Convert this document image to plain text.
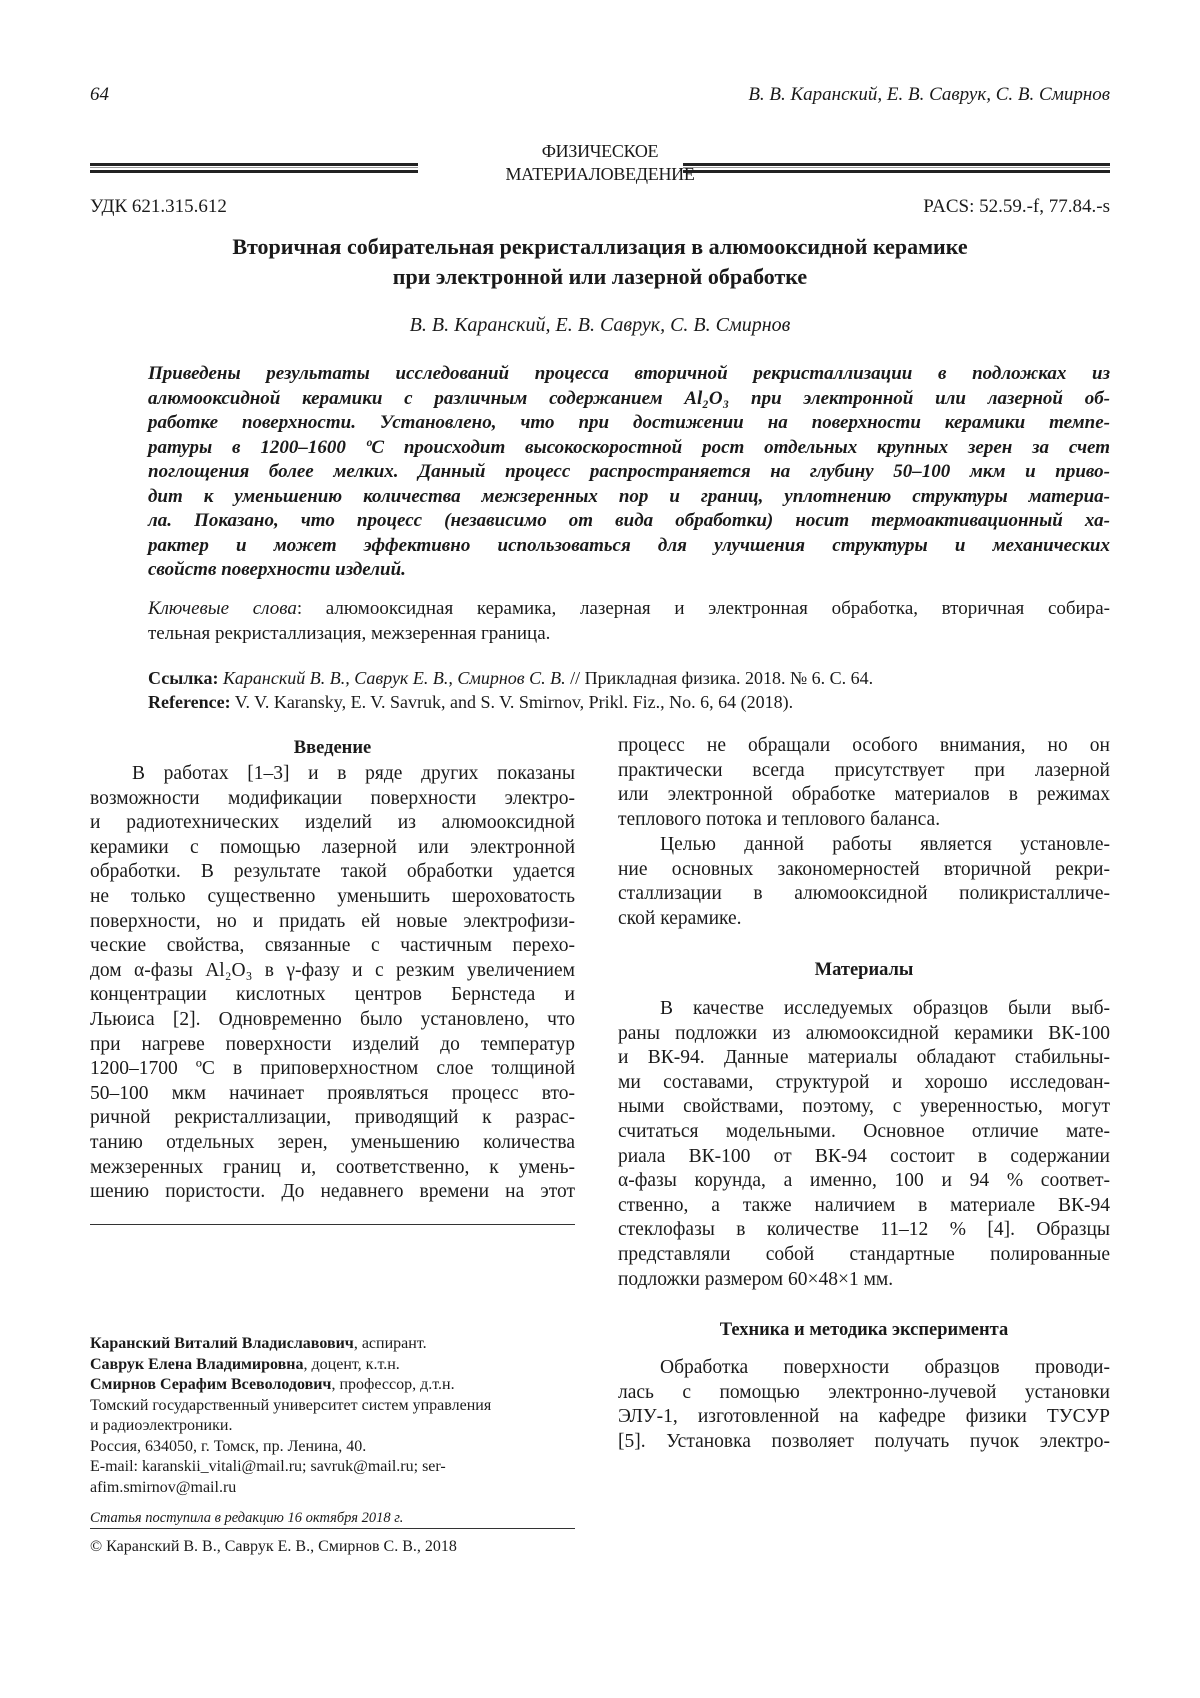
64	В. В. Каранский, Е. В. Саврук, С. В. Смирнов
ФИЗИЧЕСКОЕ
МАТЕРИАЛОВЕДЕНИЕ
УДК 621.315.612	PACS: 52.59.-f, 77.84.-s
Вторичная собирательная рекристаллизация в алюмооксидной керамике
при электронной или лазерной обработке
В. В. Каранский, Е. В. Саврук, С. В. Смирнов
Приведены результаты исследований процесса вторичной рекристаллизации в подложках из
алюмооксидной керамики с различным содержанием Al₂O₃ при электронной или лазерной об-
работке поверхности. Установлено, что при достижении на поверхности керамики темпе-
ратуры в 1200–1600 ºС происходит высокоскоростной рост отдельных крупных зерен за счет
поглощения более мелких. Данный процесс распространяется на глубину 50–100 мкм и приво-
дит к уменьшению количества межзеренных пор и границ, уплотнению структуры материа-
ла. Показано, что процесс (независимо от вида обработки) носит термоактивационный ха-
рактер и может эффективно использоваться для улучшения структуры и механических
свойств поверхности изделий.
Ключевые слова: алюмооксидная керамика, лазерная и электронная обработка, вторичная собира-
тельная рекристаллизация, межзеренная граница.
Ссылка: Каранский В. В., Саврук Е. В., Смирнов С. В. // Прикладная физика. 2018. № 6. С. 64.
Reference: V. V. Karansky, E. V. Savruk, and S. V. Smirnov, Prikl. Fiz., No. 6, 64 (2018).
Введение
В работах [1–3] и в ряде других показаны
возможности модификации поверхности электро-
и радиотехнических изделий из алюмооксидной
керамики с помощью лазерной или электронной
обработки. В результате такой обработки удается
не только существенно уменьшить шероховатость
поверхности, но и придать ей новые электрофизи-
ческие свойства, связанные с частичным перехо-
дом α-фазы Al₂O₃ в γ-фазу и с резким увеличением
концентрации кислотных центров Бернстеда и
Льюиса [2]. Одновременно было установлено, что
при нагреве поверхности изделий до температур
1200–1700 ºС в приповерхностном слое толщиной
50–100 мкм начинает проявляться процесс вто-
ричной рекристаллизации, приводящий к разрас-
танию отдельных зерен, уменьшению количества
межзеренных границ и, соответственно, к умень-
шению пористости. До недавнего времени на этот
Каранский Виталий Владиславович, аспирант.
Саврук Елена Владимировна, доцент, к.т.н.
Смирнов Серафим Всеволодович, профессор, д.т.н.
Томский государственный университет систем управления
и радиоэлектроники.
Россия, 634050, г. Томск, пр. Ленина, 40.
E-mail: karanskii_vitali@mail.ru; savruk@mail.ru; ser-
afim.smirnov@mail.ru
Статья поступила в редакцию 16 октября 2018 г.
© Каранский В. В., Саврук Е. В., Смирнов С. В., 2018
процесс не обращали особого внимания, но он
практически всегда присутствует при лазерной
или электронной обработке материалов в режимах
теплового потока и теплового баланса.
Целью данной работы является установле-
ние основных закономерностей вторичной рекри-
сталлизации в алюмооксидной поликристалличе-
ской керамике.
Материалы
В качестве исследуемых образцов были выб-
раны подложки из алюмооксидной керамики ВК-100
и ВК-94. Данные материалы обладают стабильны-
ми составами, структурой и хорошо исследован-
ными свойствами, поэтому, с уверенностью, могут
считаться модельными. Основное отличие мате-
риала ВК-100 от ВК-94 состоит в содержании
α-фазы корунда, а именно, 100 и 94 % соответ-
ственно, а также наличием в материале ВК-94
стеклофазы в количестве 11–12 % [4]. Образцы
представляли собой стандартные полированные
подложки размером 60×48×1 мм.
Техника и методика эксперимента
Обработка поверхности образцов проводи-
лась с помощью электронно-лучевой установки
ЭЛУ-1, изготовленной на кафедре физики ТУСУР
[5]. Установка позволяет получать пучок электро-
